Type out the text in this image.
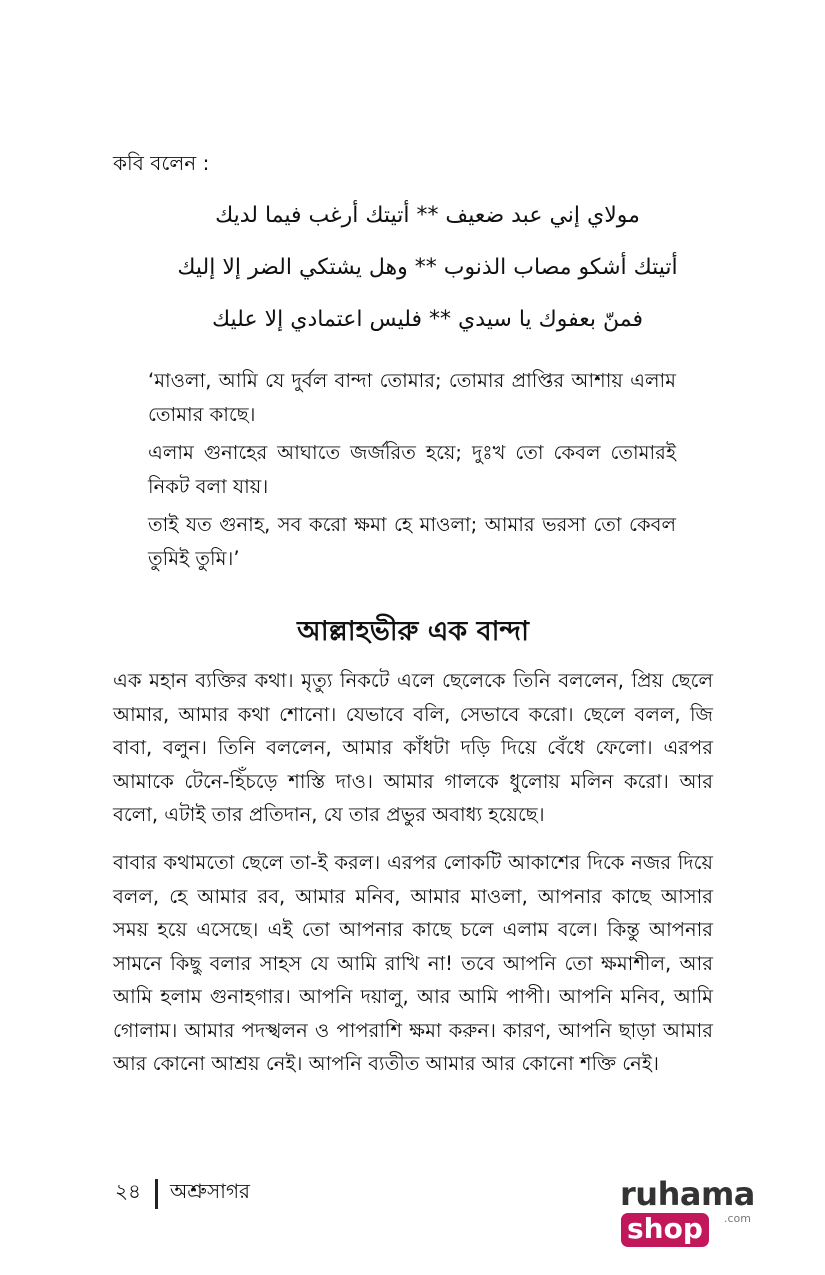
কবি বলেন :
مولاي إني عبد ضعيف ** أتيتك أرغب فيما لديك
أتيتك أشكو مصاب الذنوب ** وهل يشتكي الضر إلا إليك
فمنّ بعفوك يا سيدي ** فليس اعتمادي إلا عليك
‘মাওলা, আমি যে দুর্বল বান্দা তোমার; তোমার প্রাপ্তির আশায় এলাম তোমার কাছে।
এলাম গুনাহের আঘাতে জর্জরিত হয়ে; দুঃখ তো কেবল তোমারই নিকট বলা যায়।
তাই যত গুনাহ, সব করো ক্ষমা হে মাওলা; আমার ভরসা তো কেবল তুমিই তুমি।’
আল্লাহভীরু এক বান্দা
এক মহান ব্যক্তির কথা। মৃত্যু নিকটে এলে ছেলেকে তিনি বললেন, প্রিয় ছেলে আমার, আমার কথা শোনো। যেভাবে বলি, সেভাবে করো। ছেলে বলল, জি বাবা, বলুন। তিনি বললেন, আমার কাঁধটা দড়ি দিয়ে বেঁধে ফেলো। এরপর আমাকে টেনে-হিঁচড়ে শাস্তি দাও। আমার গালকে ধুলোয় মলিন করো। আর বলো, এটাই তার প্রতিদান, যে তার প্রভুর অবাধ্য হয়েছে।
বাবার কথামতো ছেলে তা-ই করল। এরপর লোকটি আকাশের দিকে নজর দিয়ে বলল, হে আমার রব, আমার মনিব, আমার মাওলা, আপনার কাছে আসার সময় হয়ে এসেছে। এই তো আপনার কাছে চলে এলাম বলে। কিন্তু আপনার সামনে কিছু বলার সাহস যে আমি রাখি না! তবে আপনি তো ক্ষমাশীল, আর আমি হলাম গুনাহগার। আপনি দয়ালু, আর আমি পাপী। আপনি মনিব, আমি গোলাম। আমার পদস্খলন ও পাপরাশি ক্ষমা করুন। কারণ, আপনি ছাড়া আমার আর কোনো আশ্রয় নেই। আপনি ব্যতীত আমার আর কোনো শক্তি নেই।
২৪ অশ্রুসাগর	ruhamashop .com
